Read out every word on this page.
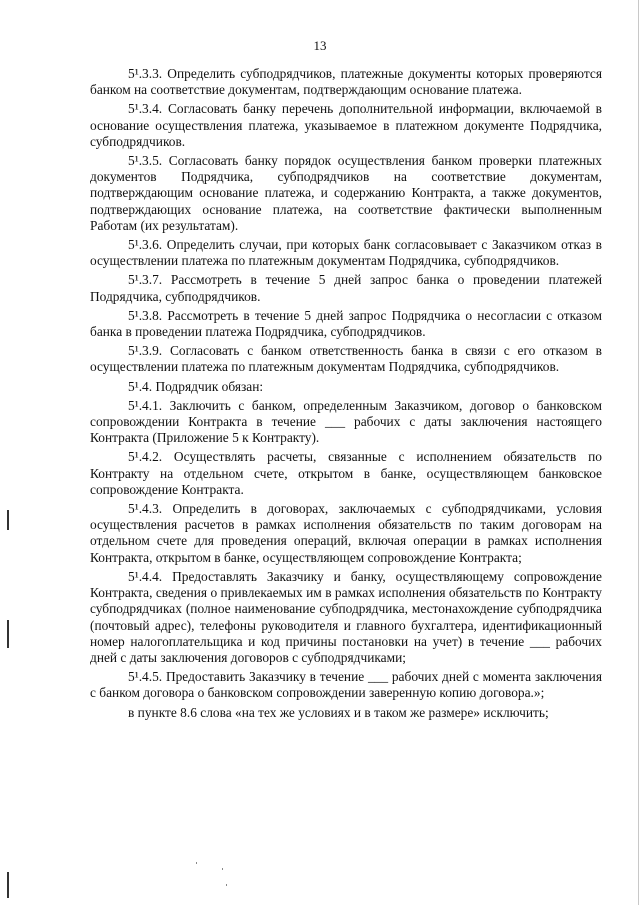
13

5¹.3.3. Определить субподрядчиков, платежные документы которых проверяются банком на соответствие документам, подтверждающим основание платежа.

5¹.3.4. Согласовать банку перечень дополнительной информации, включаемой в основание осуществления платежа, указываемое в платежном документе Подрядчика, субподрядчиков.

5¹.3.5. Согласовать банку порядок осуществления банком проверки платежных документов Подрядчика, субподрядчиков на соответствие документам, подтверждающим основание платежа, и содержанию Контракта, а также документов, подтверждающих основание платежа, на соответствие фактически выполненным Работам (их результатам).

5¹.3.6. Определить случаи, при которых банк согласовывает с Заказчиком отказ в осуществлении платежа по платежным документам Подрядчика, субподрядчиков.

5¹.3.7. Рассмотреть в течение 5 дней запрос банка о проведении платежей Подрядчика, субподрядчиков.

5¹.3.8. Рассмотреть в течение 5 дней запрос Подрядчика о несогласии с отказом банка в проведении платежа Подрядчика, субподрядчиков.

5¹.3.9. Согласовать с банком ответственность банка в связи с его отказом в осуществлении платежа по платежным документам Подрядчика, субподрядчиков.

5¹.4. Подрядчик обязан:

5¹.4.1. Заключить с банком, определенным Заказчиком, договор о банковском сопровождении Контракта в течение ___ рабочих с даты заключения настоящего Контракта (Приложение 5 к Контракту).

5¹.4.2. Осуществлять расчеты, связанные с исполнением обязательств по Контракту на отдельном счете, открытом в банке, осуществляющем банковское сопровождение Контракта.

5¹.4.3. Определить в договорах, заключаемых с субподрядчиками, условия осуществления расчетов в рамках исполнения обязательств по таким договорам на отдельном счете для проведения операций, включая операции в рамках исполнения Контракта, открытом в банке, осуществляющем сопровождение Контракта;

5¹.4.4. Предоставлять Заказчику и банку, осуществляющему сопровождение Контракта, сведения о привлекаемых им в рамках исполнения обязательств по Контракту субподрядчиках (полное наименование субподрядчика, местонахождение субподрядчика (почтовый адрес), телефоны руководителя и главного бухгалтера, идентификационный номер налогоплательщика и код причины постановки на учет) в течение ___ рабочих дней с даты заключения договоров с субподрядчиками;

5¹.4.5. Предоставить Заказчику в течение ___ рабочих дней с момента заключения с банком договора о банковском сопровождении заверенную копию договора.»;

в пункте 8.6 слова «на тех же условиях и в таком же размере» исключить;
